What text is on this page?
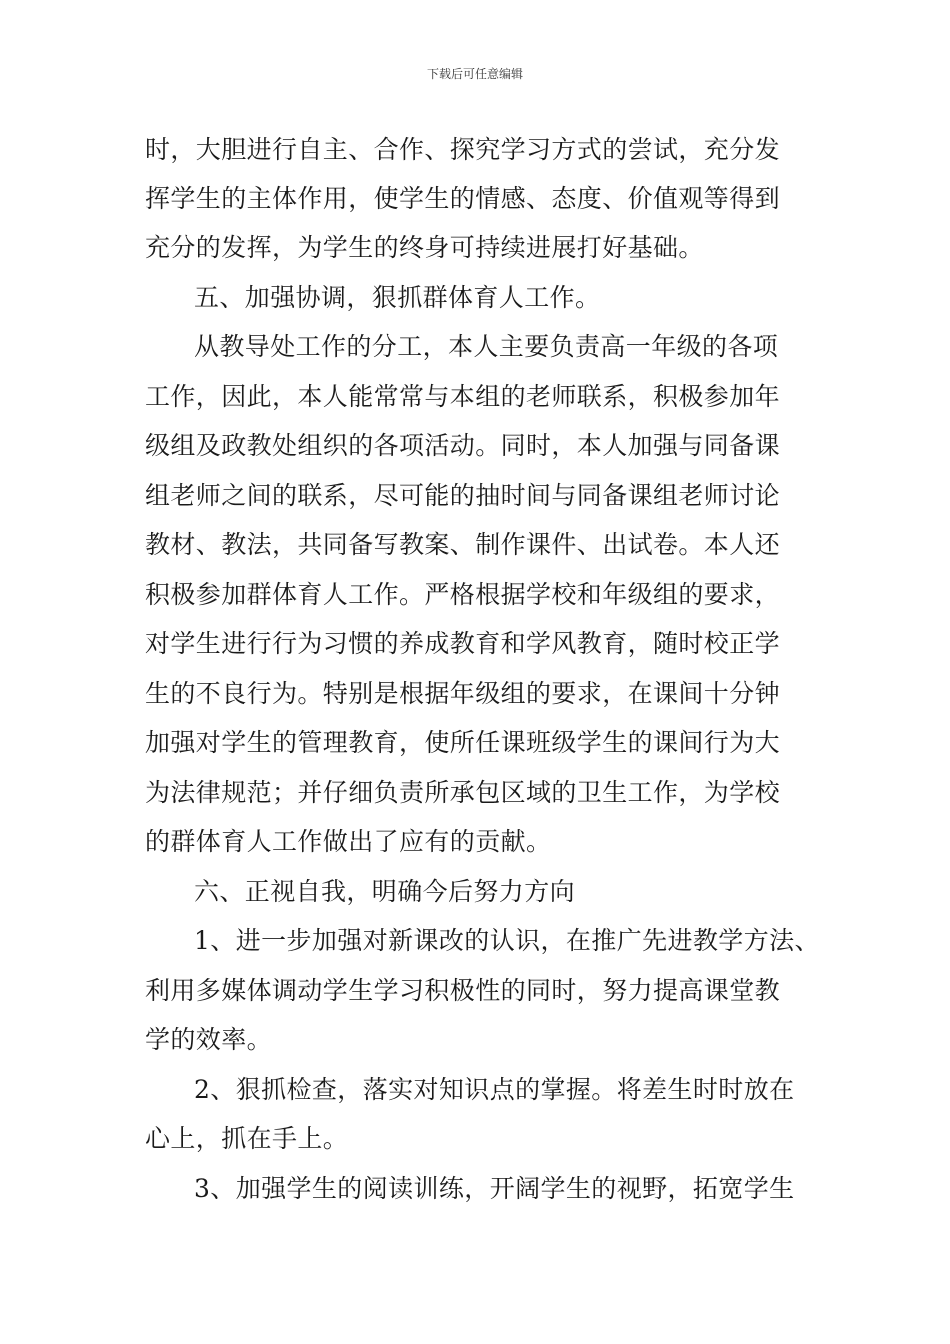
下载后可任意编辑
时，大胆进行自主、合作、探究学习方式的尝试，充分发
挥学生的主体作用，使学生的情感、态度、价值观等得到
充分的发挥，为学生的终身可持续进展打好基础。
五、加强协调，狠抓群体育人工作。
从教导处工作的分工，本人主要负责高一年级的各项
工作，因此，本人能常常与本组的老师联系，积极参加年
级组及政教处组织的各项活动。同时，本人加强与同备课
组老师之间的联系，尽可能的抽时间与同备课组老师讨论
教材、教法，共同备写教案、制作课件、出试卷。本人还
积极参加群体育人工作。严格根据学校和年级组的要求，
对学生进行行为习惯的养成教育和学风教育，随时校正学
生的不良行为。特别是根据年级组的要求，在课间十分钟
加强对学生的管理教育，使所任课班级学生的课间行为大
为法律规范；并仔细负责所承包区域的卫生工作，为学校
的群体育人工作做出了应有的贡献。
六、正视自我，明确今后努力方向
1、进一步加强对新课改的认识，在推广先进教学方法、
利用多媒体调动学生学习积极性的同时，努力提高课堂教
学的效率。
2、狠抓检查，落实对知识点的掌握。将差生时时放在
心上，抓在手上。
3、加强学生的阅读训练，开阔学生的视野，拓宽学生
